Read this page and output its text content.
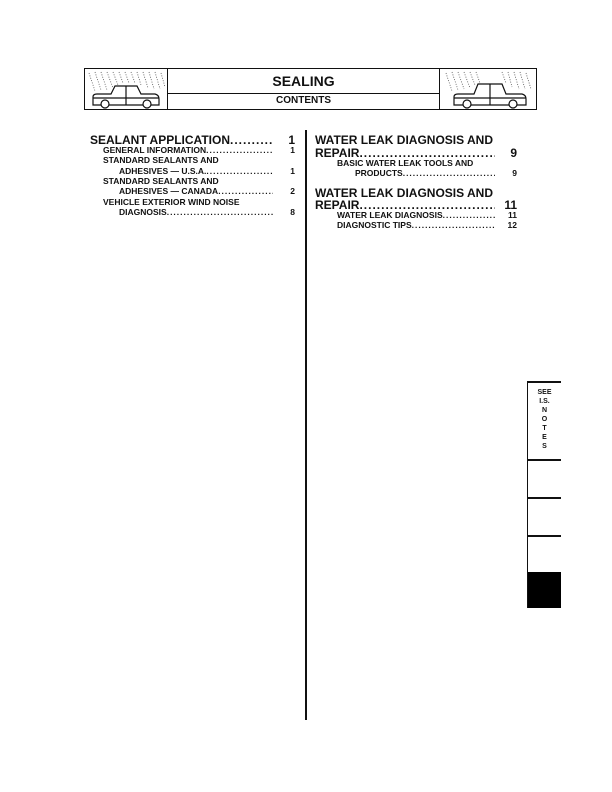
SEALING
CONTENTS
SEALANT APPLICATION .....	1
GENERAL INFORMATION .....	1
STANDARD SEALANTS AND
ADHESIVES — U.S.A. .....	1
STANDARD SEALANTS AND
ADHESIVES — CANADA .....	2
VEHICLE EXTERIOR WIND NOISE
DIAGNOSIS .....	8
WATER LEAK DIAGNOSIS AND
REPAIR .....	9
BASIC WATER LEAK TOOLS AND
PRODUCTS .....	9
WATER LEAK DIAGNOSIS AND
REPAIR .....	11
WATER LEAK DIAGNOSIS .....	11
DIAGNOSTIC TIPS .....	12
SEE
I.S.
N
O
T
E
S
